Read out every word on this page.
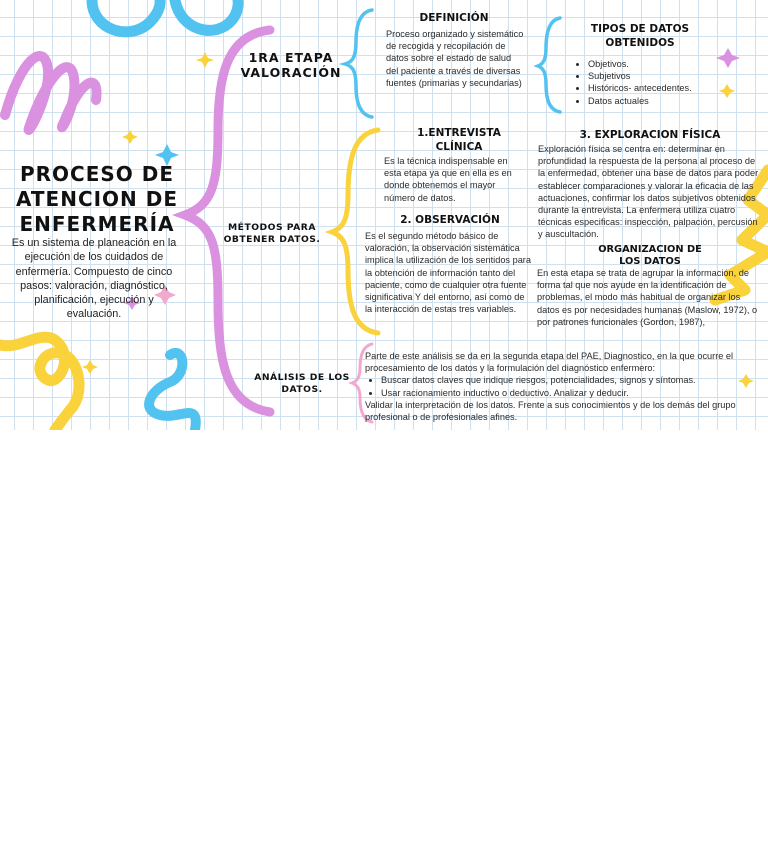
PROCESO DE ATENCION DE ENFERMERÍA

Es un sistema de planeación en la ejecución de los cuidados de enfermería. Compuesto de cinco pasos: valoración, diagnóstico, planificación, ejecución y evaluación.

1RA ETAPA VALORACIÓN
DEFINICIÓN

Proceso organizado y sistemático de recogida y recopilación de datos sobre el estado de salud del paciente a través de diversas fuentes (primarias y secundarias)

TIPOS DE DATOS OBTENIDOS
• Objetivos.
• Subjetivos
• Históricos- antecedentes.
• Datos actuales
MÉTODOS PARA OBTENER DATOS.
1.ENTREVISTA CLÍNICA

Es la técnica indispensable en esta etapa ya que en ella es en donde obtenemos el mayor número de datos.

2. OBSERVACIÓN

Es el segundo método básico de valoración, la observación sistemática implica la utilización de los sentidos para la obtención de información tanto del paciente, como de cualquier otra fuente significativa Y del entorno, así como de la interacción de estas tres variables.

3. EXPLORACION FÍSICA

Exploración física se centra en: determinar en profundidad la respuesta de la persona al proceso de la enfermedad, obtener una base de datos para poder establecer comparaciones y valorar la eficacia de las actuaciones, confirmar los datos subjetivos obtenidos durante la entrevista. La enfermera utiliza cuatro técnicas especificas: inspección, palpación, percusión y auscultación.

ORGANIZACION DE LOS DATOS

En esta etapa se trata de agrupar la información, de forma tal que nos ayude en la identificación de problemas, el modo más habitual de organizar los datos es por necesidades humanas (Maslow, 1972), o por patrones funcionales (Gordon, 1987),

ANÁLISIS DE LOS DATOS.
Parte de este análisis se da en la segunda etapa del PAE, Diagnostico, en la que ocurre el procesamiento de los datos y la formulación del diagnóstico enfermero:
• Buscar datos claves que indique riesgos, potencialidades, signos y síntomas.
• Usar racionamiento inductivo o deductivo. Analizar y deducir.
Validar la interpretación de los datos. Frente a sus conocimientos y de los demás del grupo profesional o de profesionales afines.
